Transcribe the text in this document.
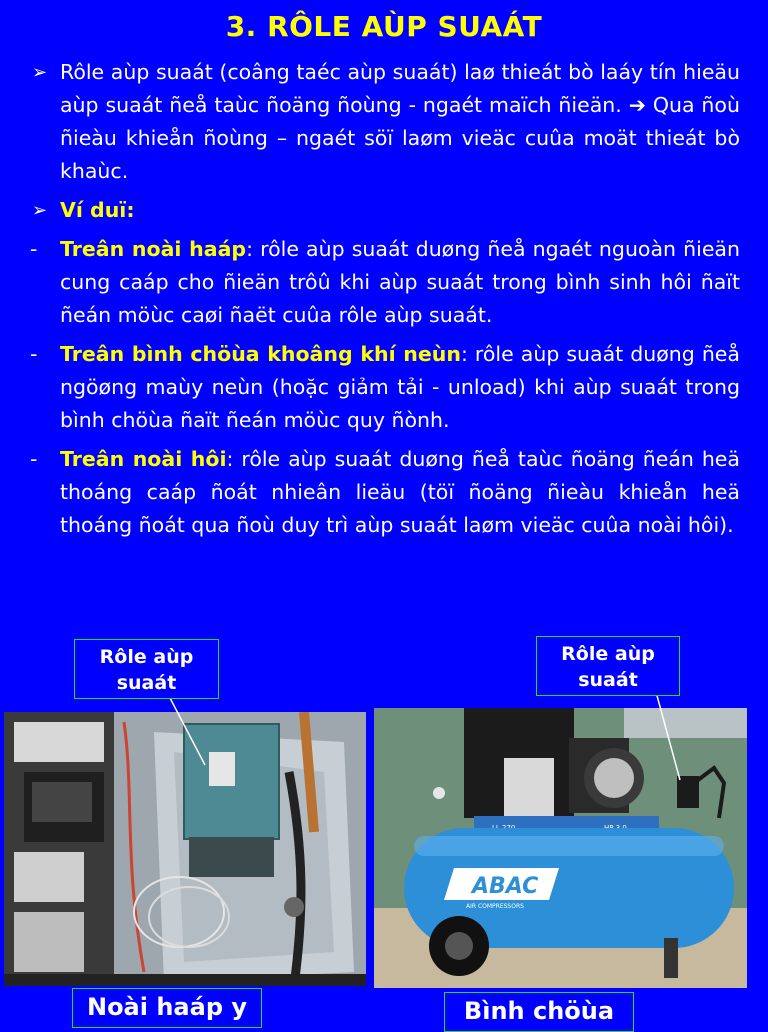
3. RÔLE AÙP SUAÁT

➢ Rôle aùp suaát (coâng taéc aùp suaát) laø thieát bò laáy tín hieäu aùp suaát ñeå taùc ñoäng ñoùng - ngaét maïch ñieän. ➔ Qua ñoù ñieàu khieån ñoùng – ngaét söï laøm vieäc cuûa moät thieát bò khaùc.

➢ Ví duï:

- Treân noài haáp: rôle aùp suaát duøng ñeå ngaét nguoàn ñieän cung caáp cho ñieän trôû khi aùp suaát trong bình sinh hôi ñaït ñeán möùc caøi ñaët cuûa rôle aùp suaát.

- Treân bình chöùa khoâng khí neùn: rôle aùp suaát duøng ñeå ngöøng maùy neùn (hoặc giảm tải - unload) khi aùp suaát trong bình chöùa ñaït ñeán möùc quy ñònh.

- Treân noài hôi: rôle aùp suaát duøng ñeå taùc ñoäng ñeán heä thoáng caáp ñoát nhieân lieäu (töï ñoäng ñieàu khieån heä thoáng ñoát qua ñoù duy trì aùp suaát laøm vieäc cuûa noài hôi).

ABAC
AIR COMPRESSORS
Rôle aùp suaát
Rôle aùp suaát
Noài haáp y	Bình chöùa
